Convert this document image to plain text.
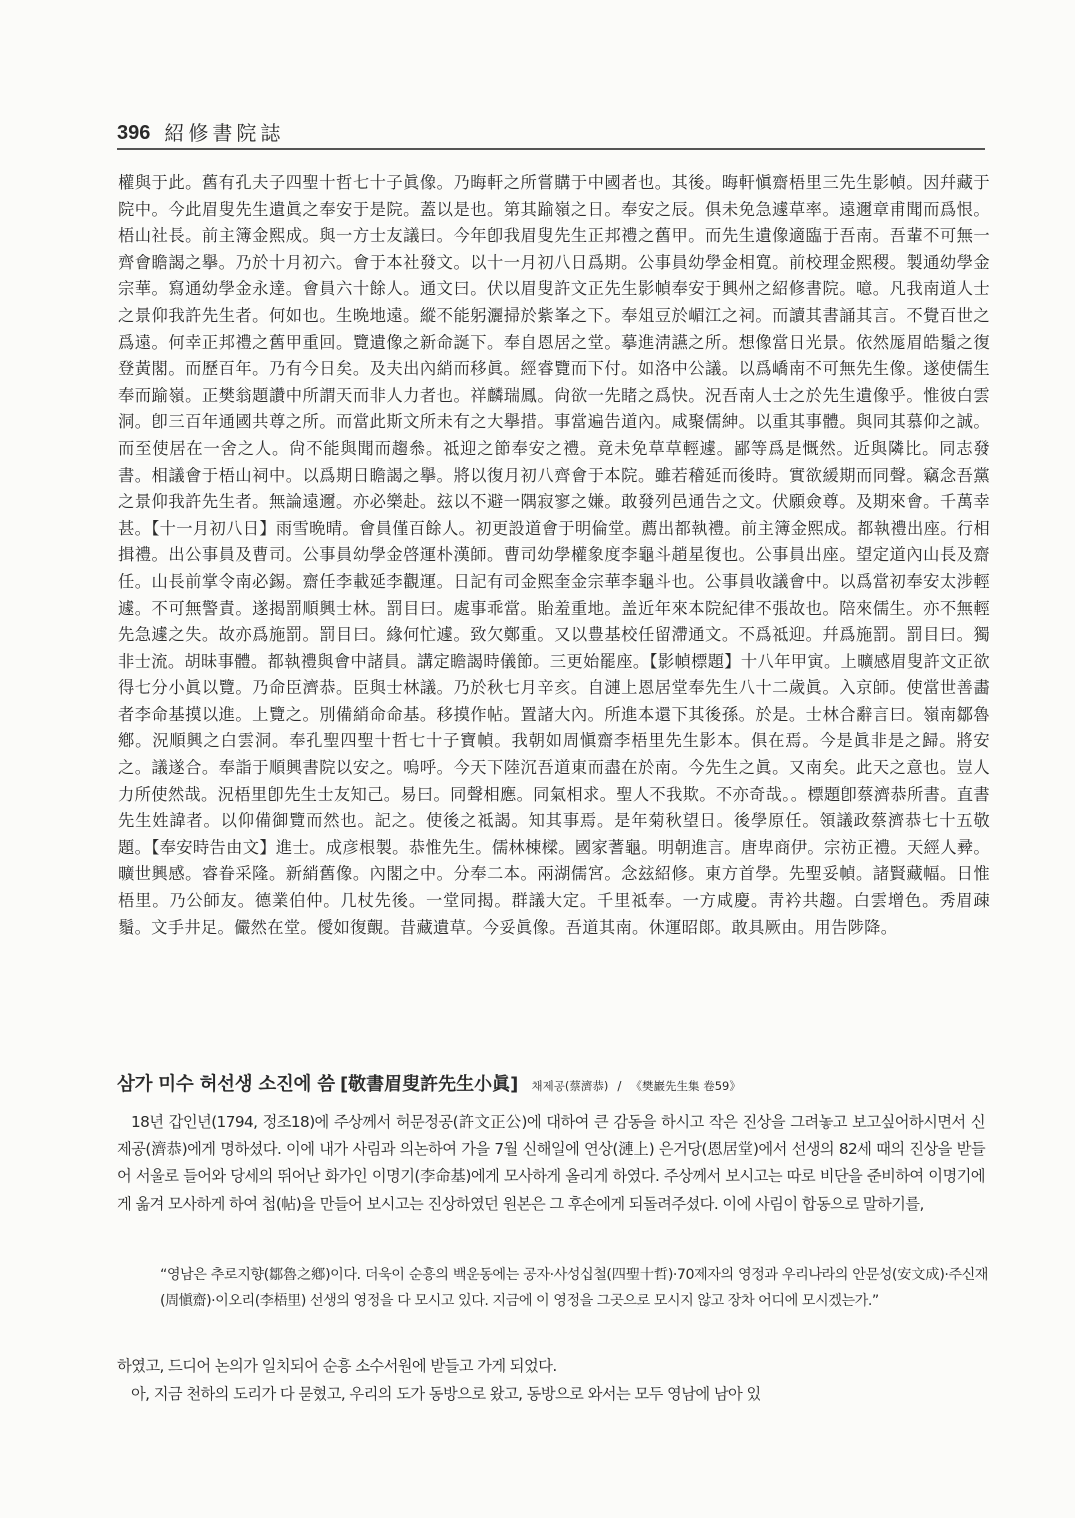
396 紹修書院誌

權與于此。舊有孔夫子四聖十哲七十子眞像。乃晦軒之所嘗購于中國者也。其後。晦軒愼齋梧里三先生影幀。因幷藏于院中。今此眉叟先生遺眞之奉安于是院。蓋以是也。第其踰嶺之日。奉安之辰。俱未免急遽草率。遠邇章甫聞而爲恨。梧山社長。前主簿金熙成。與一方士友議曰。今年卽我眉叟先生正邦禮之舊甲。而先生遺像適臨于吾南。吾輩不可無一齊會瞻謁之擧。乃於十月初六。會于本社發文。以十一月初八日爲期。公事員幼學金相寬。前校理金熙稷。製通幼學金宗華。寫通幼學金永達。會員六十餘人。通文曰。伏以眉叟許文正先生影幀奉安于興州之紹修書院。噫。凡我南道人士之景仰我許先生者。何如也。生晩地遠。縱不能躬灑掃於紫峯之下。奉俎豆於嵋江之祠。而讀其書誦其言。不覺百世之爲遠。何幸正邦禮之舊甲重回。覽遺像之新命誕下。奉自恩居之堂。摹進淸讌之所。想像當日光景。依然厖眉皓鬚之復登黃閣。而歷百年。乃有今日矣。及夫出內綃而移眞。經睿覽而下付。如洛中公議。以爲嶠南不可無先生像。遂使儒生奉而踰嶺。正樊翁題讚中所謂天而非人力者也。祥麟瑞鳳。尙欲一先睹之爲快。況吾南人士之於先生遺像乎。惟彼白雲洞。卽三百年通國共尊之所。而當此斯文所未有之大擧措。事當遍告道內。咸聚儒紳。以重其事體。與同其慕仰之誠。而至使居在一舍之人。尙不能與聞而趨叅。祗迎之節奉安之禮。竟未免草草輕遽。鄙等爲是慨然。近與隣比。同志發書。相議會于梧山祠中。以爲期日瞻謁之擧。將以復月初八齊會于本院。雖若稽延而後時。實欲緩期而同聲。竊念吾黨之景仰我許先生者。無論遠邇。亦必樂赴。玆以不避一隅寂寥之嫌。敢發列邑通告之文。伏願僉尊。及期來會。千萬幸甚。【十一月初八日】雨雪晩晴。會員僅百餘人。初更設道會于明倫堂。薦出都執禮。前主簿金熙成。都執禮出座。行相揖禮。出公事員及曹司。公事員幼學金啓運朴漢師。曹司幼學權象度李龜斗趙星復也。公事員出座。望定道內山長及齋任。山長前掌令南必錫。齋任李載延李觀運。日記有司金熙奎金宗華李龜斗也。公事員收議會中。以爲當初奉安太涉輕遽。不可無警責。遂揭罰順興士林。罰目曰。處事乖當。貽羞重地。盖近年來本院紀律不張故也。陪來儒生。亦不無輕先急遽之失。故亦爲施罰。罰目曰。緣何忙遽。致欠鄭重。又以豊基校任留滯通文。不爲祗迎。幷爲施罰。罰目曰。獨非士流。胡昧事體。都執禮與會中諸員。講定瞻謁時儀節。三更始罷座。【影幀標題】十八年甲寅。上曠感眉叟許文正欲得七分小眞以覽。乃命臣濟恭。臣與士林議。乃於秋七月辛亥。自漣上恩居堂奉先生八十二歲眞。入京師。使當世善畵者李命基摸以進。上覽之。別備綃命命基。移摸作帖。置諸大內。所進本還下其後孫。於是。士林合辭言曰。嶺南鄒魯鄕。況順興之白雲洞。奉孔聖四聖十哲七十子寶幀。我朝如周愼齋李梧里先生影本。俱在焉。今是眞非是之歸。將安之。議遂合。奉詣于順興書院以安之。嗚呼。今天下陸沉吾道東而盡在於南。今先生之眞。又南矣。此天之意也。豈人力所使然哉。況梧里卽先生士友知己。易曰。同聲相應。同氣相求。聖人不我欺。不亦奇哉。。標題卽蔡濟恭所書。直書先生姓諱者。以仰備御覽而然也。記之。使後之祗謁。知其事焉。是年菊秋望日。後學原任。領議政蔡濟恭七十五敬題。【奉安時告由文】進士。成彦根製。恭惟先生。儒林棟樑。國家蓍龜。明朝進言。唐卑商伊。宗祊正禮。天經人彛。曠世興感。睿眷采隆。新綃舊像。內閣之中。分奉二本。兩湖儒宮。念玆紹修。東方首學。先聖妥幀。諸賢藏幅。日惟梧里。乃公師友。德業伯仲。几杖先後。一堂同揭。群議大定。千里祗奉。一方咸慶。靑衿共趨。白雲增色。秀眉疎鬚。文手井足。儼然在堂。僾如復覿。昔藏遺草。今妥眞像。吾道其南。休運昭郞。敢具厥由。用告陟降。

삼가 미수 허선생 소진에 씀 [敬書眉叟許先生小眞] 채제공(蔡濟恭) / 《樊巖先生集 卷59》

18년 갑인년(1794, 정조18)에 주상께서 허문정공(許文正公)에 대하여 큰 감동을 하시고 작은 진상을 그려놓고 보고싶어하시면서 신 제공(濟恭)에게 명하셨다. 이에 내가 사림과 의논하여 가을 7월 신해일에 연상(漣上) 은거당(恩居堂)에서 선생의 82세 때의 진상을 받들어 서울로 들어와 당세의 뛰어난 화가인 이명기(李命基)에게 모사하게 올리게 하였다. 주상께서 보시고는 따로 비단을 준비하여 이명기에게 옮겨 모사하게 하여 첩(帖)을 만들어 보시고는 진상하였던 원본은 그 후손에게 되돌려주셨다. 이에 사림이 합동으로 말하기를,

“영남은 추로지향(鄒魯之鄕)이다. 더욱이 순흥의 백운동에는 공자·사성십철(四聖十哲)·70제자의 영정과 우리나라의 안문성(安文成)·주신재(周愼齋)·이오리(李梧里) 선생의 영정을 다 모시고 있다. 지금에 이 영정을 그곳으로 모시지 않고 장차 어디에 모시겠는가.”

하였고, 드디어 논의가 일치되어 순흥 소수서원에 받들고 가게 되었다.

아, 지금 천하의 도리가 다 묻혔고, 우리의 도가 동방으로 왔고, 동방으로 와서는 모두 영남에 남아 있
